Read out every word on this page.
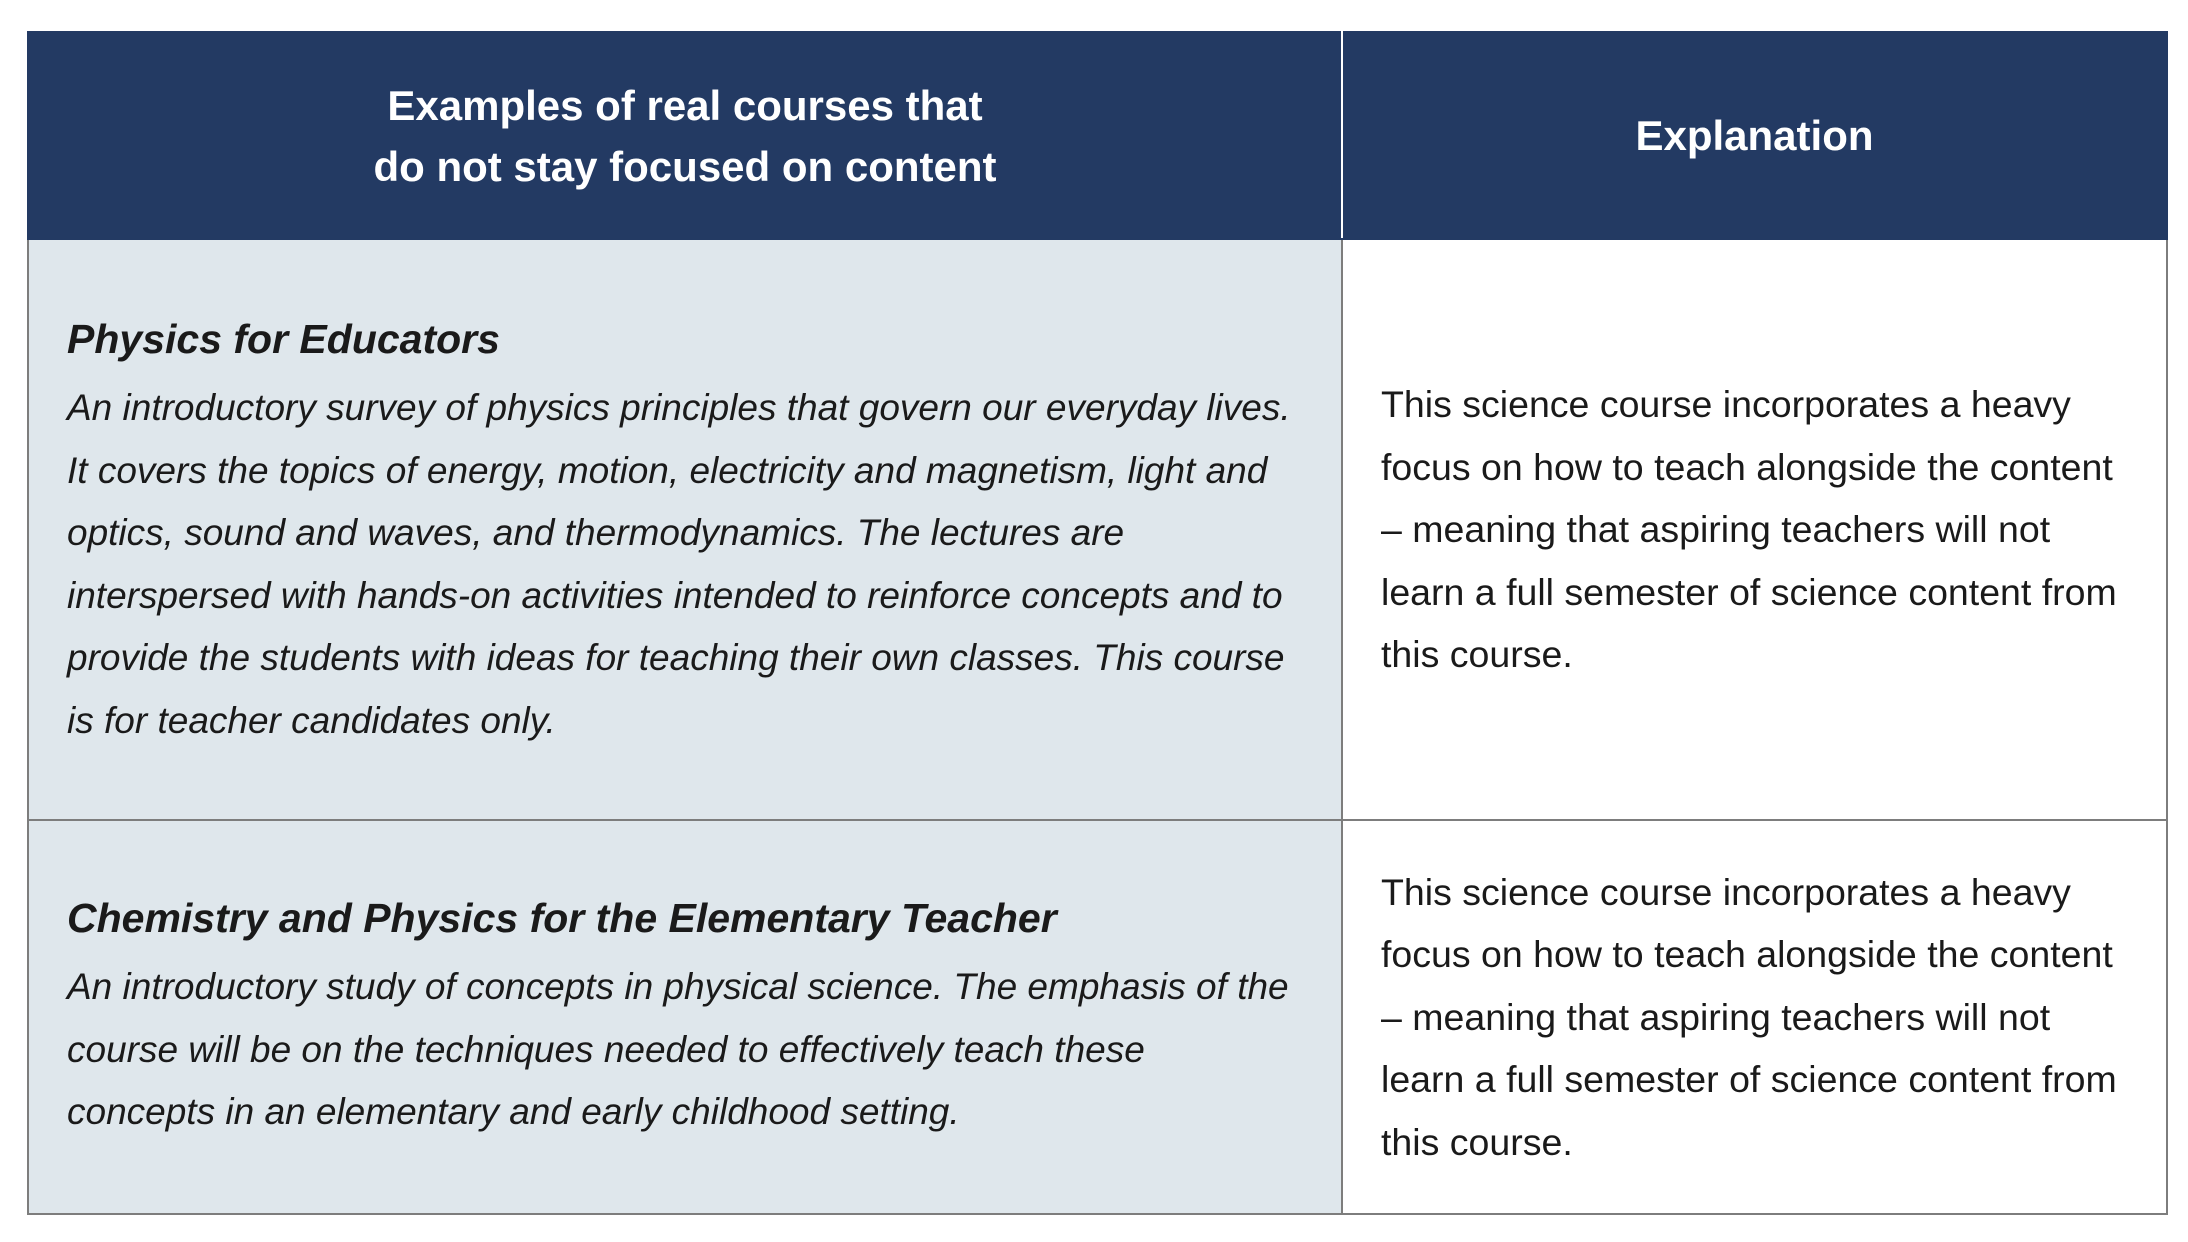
Examples of real courses that
do not stay focused on content	Explanation

Physics for Educators

An introductory survey of physics principles that govern our everyday lives. It covers the topics of energy, motion, electricity and magnetism, light and optics, sound and waves, and thermodynamics. The lectures are interspersed with hands-on activities intended to reinforce concepts and to provide the students with ideas for teaching their own classes. This course is for teacher candidates only.	This science course incorporates a heavy focus on how to teach alongside the content – meaning that aspiring teachers will not learn a full semester of science content from this course.

Chemistry and Physics for the Elementary Teacher

An introductory study of concepts in physical science. The emphasis of the course will be on the techniques needed to effectively teach these concepts in an elementary and early childhood setting.	This science course incorporates a heavy focus on how to teach alongside the content – meaning that aspiring teachers will not learn a full semester of science content from this course.
